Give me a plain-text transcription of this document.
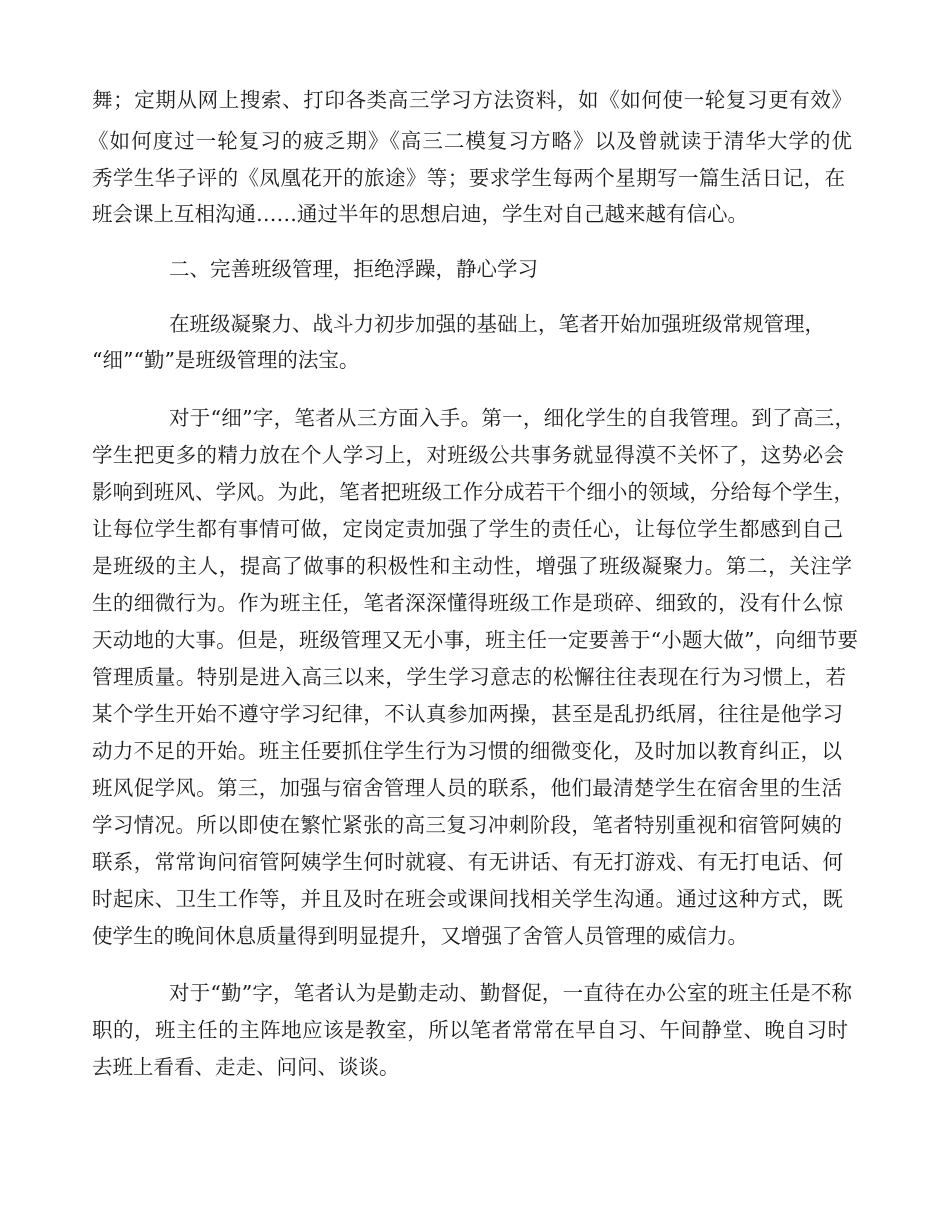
舞；定期从网上搜索、打印各类高三学习方法资料，如《如何使一轮复习更有效》

《如何度过一轮复习的疲乏期》《高三二模复习方略》以及曾就读于清华大学的优

秀学生华子评的《凤凰花开的旅途》等；要求学生每两个星期写一篇生活日记，在

班会课上互相沟通……通过半年的思想启迪，学生对自己越来越有信心。

二、完善班级管理，拒绝浮躁，静心学习

在班级凝聚力、战斗力初步加强的基础上，笔者开始加强班级常规管理，

“细”“勤”是班级管理的法宝。

对于“细”字，笔者从三方面入手。第一，细化学生的自我管理。到了高三，

学生把更多的精力放在个人学习上，对班级公共事务就显得漠不关怀了，这势必会

影响到班风、学风。为此，笔者把班级工作分成若干个细小的领域，分给每个学生，

让每位学生都有事情可做，定岗定责加强了学生的责任心，让每位学生都感到自己

是班级的主人，提高了做事的积极性和主动性，增强了班级凝聚力。第二，关注学

生的细微行为。作为班主任，笔者深深懂得班级工作是琐碎、细致的，没有什么惊

天动地的大事。但是，班级管理又无小事，班主任一定要善于“小题大做”，向细节要

管理质量。特别是进入高三以来，学生学习意志的松懈往往表现在行为习惯上，若

某个学生开始不遵守学习纪律，不认真参加两操，甚至是乱扔纸屑，往往是他学习

动力不足的开始。班主任要抓住学生行为习惯的细微变化，及时加以教育纠正，以

班风促学风。第三，加强与宿舍管理人员的联系，他们最清楚学生在宿舍里的生活

学习情况。所以即使在繁忙紧张的高三复习冲刺阶段，笔者特别重视和宿管阿姨的

联系，常常询问宿管阿姨学生何时就寝、有无讲话、有无打游戏、有无打电话、何

时起床、卫生工作等，并且及时在班会或课间找相关学生沟通。通过这种方式，既

使学生的晚间休息质量得到明显提升，又增强了舍管人员管理的威信力。

对于“勤”字，笔者认为是勤走动、勤督促，一直待在办公室的班主任是不称

职的，班主任的主阵地应该是教室，所以笔者常常在早自习、午间静堂、晚自习时

去班上看看、走走、问问、谈谈。
